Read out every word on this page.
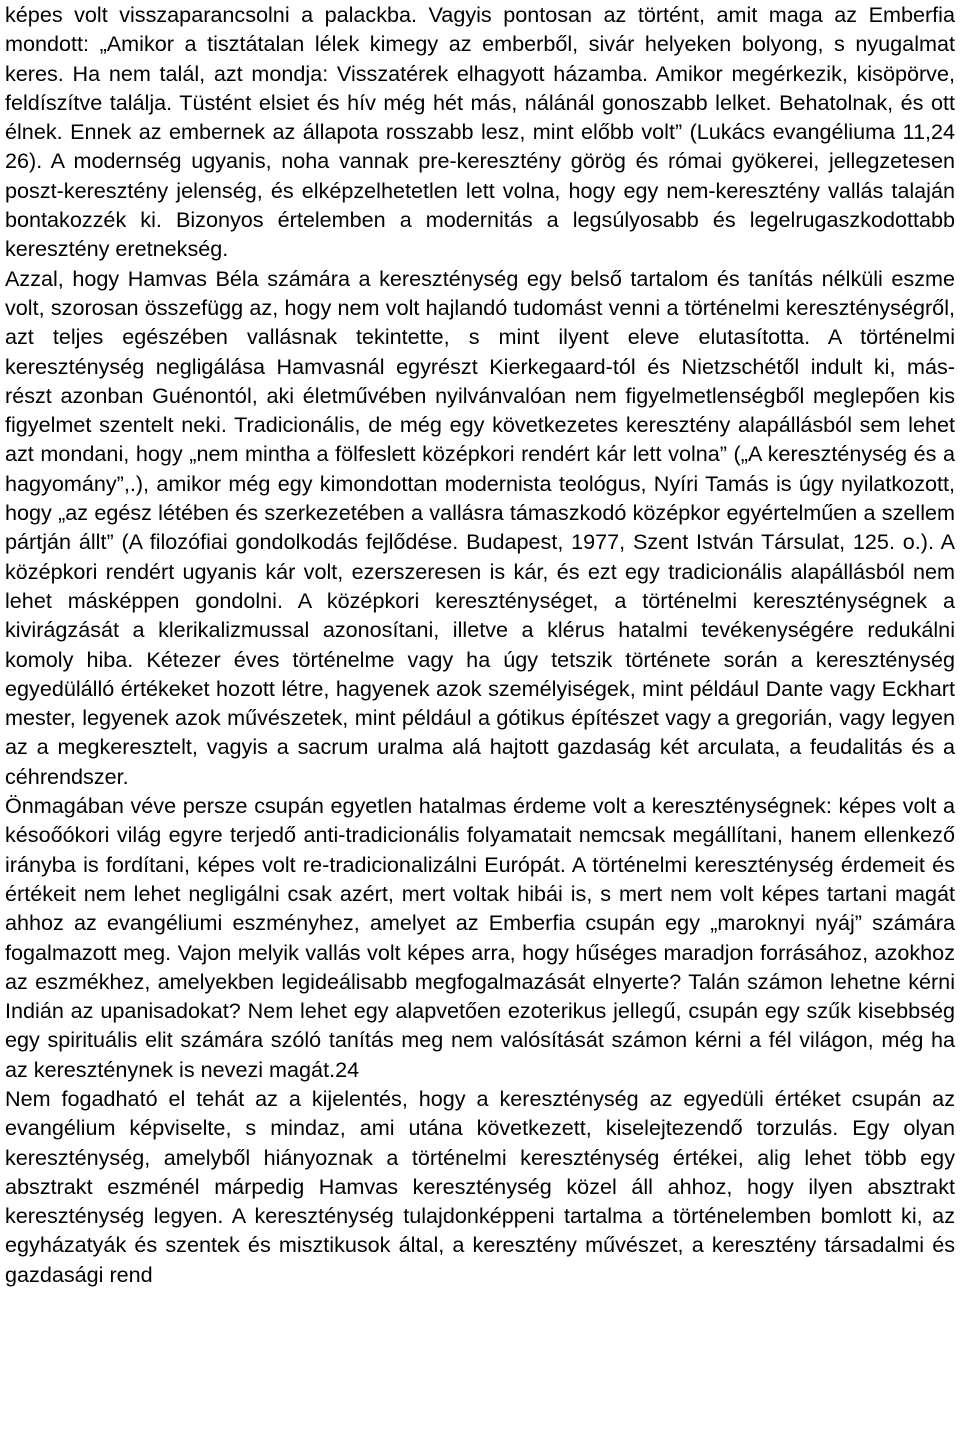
képes volt visszaparancsolni a palackba. Vagyis pontosan az történt, amit maga az Emberfia mondott: „Amikor a tisztátalan lélek kimegy az emberből, sivár helyeken bolyong, s nyugalmat keres. Ha nem talál, azt mondja: Visszatérek elhagyott házamba. Amikor megérkezik, kisöpörve, feldíszítve találja. Tüstént elsiet és hív még hét más, nálánál gonoszabb lelket. Behatolnak, és ott élnek. Ennek az embernek az állapota rosszabb lesz, mint előbb volt” (Lukács evangéliuma 11,24 26). A modernség ugyanis, noha vannak pre-keresztény görög és római gyökerei, jellegzetesen poszt-keresztény jelenség, és elképzelhetetlen lett volna, hogy egy nem-keresztény vallás talaján bontakozzék ki. Bizonyos értelemben a modernitás a legsúlyosabb és legelrugaszkodottabb keresztény eretnekség.

Azzal, hogy Hamvas Béla számára a kereszténység egy belső tartalom és tanítás nélküli eszme volt, szorosan összefügg az, hogy nem volt hajlandó tudomást venni a történelmi kereszténységről, azt teljes egészében vallásnak tekintette, s mint ilyent eleve elutasította. A történelmi kereszténység negligálása Hamvasnál egyrészt Kierkegaard-tól és Nietzschétől indult ki, más- részt azonban Guénontól, aki életművében nyilvánvalóan nem figyelmetlenségből meglepően kis figyelmet szentelt neki. Tradicionális, de még egy következetes keresztény alapállásból sem lehet azt mondani, hogy „nem mintha a fölfeslett középkori rendért kár lett volna” („A kereszténység és a hagyomány”,.), amikor még egy kimondottan modernista teológus, Nyíri Tamás is úgy nyilatkozott, hogy „az egész létében és szerkezetében a vallásra támaszkodó középkor egyértelműen a szellem pártján állt” (A filozófiai gondolkodás fejlődése. Budapest, 1977, Szent István Társulat, 125. o.). A középkori rendért ugyanis kár volt, ezerszeresen is kár, és ezt egy tradicionális alapállásból nem lehet másképpen gondolni. A középkori kereszténységet, a történelmi kereszténységnek a kivirágzását a klerikalizmussal azonosítani, illetve a klérus hatalmi tevékenységére redukálni komoly hiba. Kétezer éves történelme vagy ha úgy tetszik története során a kereszténység egyedülálló értékeket hozott létre, hagyenek azok személyiségek, mint például Dante vagy Eckhart mester, legyenek azok művészetek, mint például a gótikus építészet vagy a gregorián, vagy legyen az a megkeresztelt, vagyis a sacrum uralma alá hajtott gazdaság két arculata, a feudalitás és a céhrendszer.

Önmagában véve persze csupán egyetlen hatalmas érdeme volt a kereszténységnek: képes volt a késoőókori világ egyre terjedő anti-tradicionális folyamatait nemcsak megállítani, hanem ellenkező irányba is fordítani, képes volt re-tradicionalizálni Európát. A történelmi kereszténység érdemeit és értékeit nem lehet negligálni csak azért, mert voltak hibái is, s mert nem volt képes tartani magát ahhoz az evangéliumi eszményhez, amelyet az Emberfia csupán egy „maroknyi nyáj” számára fogalmazott meg. Vajon melyik vallás volt képes arra, hogy hűséges maradjon forrásához, azokhoz az eszmékhez, amelyekben legideálisabb megfogalmazását elnyerte? Talán számon lehetne kérni Indián az upanisadokat? Nem lehet egy alapvetően ezoterikus jellegű, csupán egy szűk kisebbség egy spirituális elit számára szóló tanítás meg nem valósítását számon kérni a fél világon, még ha az kereszténynek is nevezi magát.24

Nem fogadható el tehát az a kijelentés, hogy a kereszténység az egyedüli értéket csupán az evangélium képviselte, s mindaz, ami utána következett, kiselejtezendő torzulás. Egy olyan kereszténység, amelyből hiányoznak a történelmi kereszténység értékei, alig lehet több egy absztrakt eszménél márpedig Hamvas kereszténység közel áll ahhoz, hogy ilyen absztrakt kereszténység legyen. A kereszténység tulajdonképpeni tartalma a történelemben bomlott ki, az egyházatyák és szentek és misztikusok által, a keresztény művészet, a keresztény társadalmi és gazdasági rend
